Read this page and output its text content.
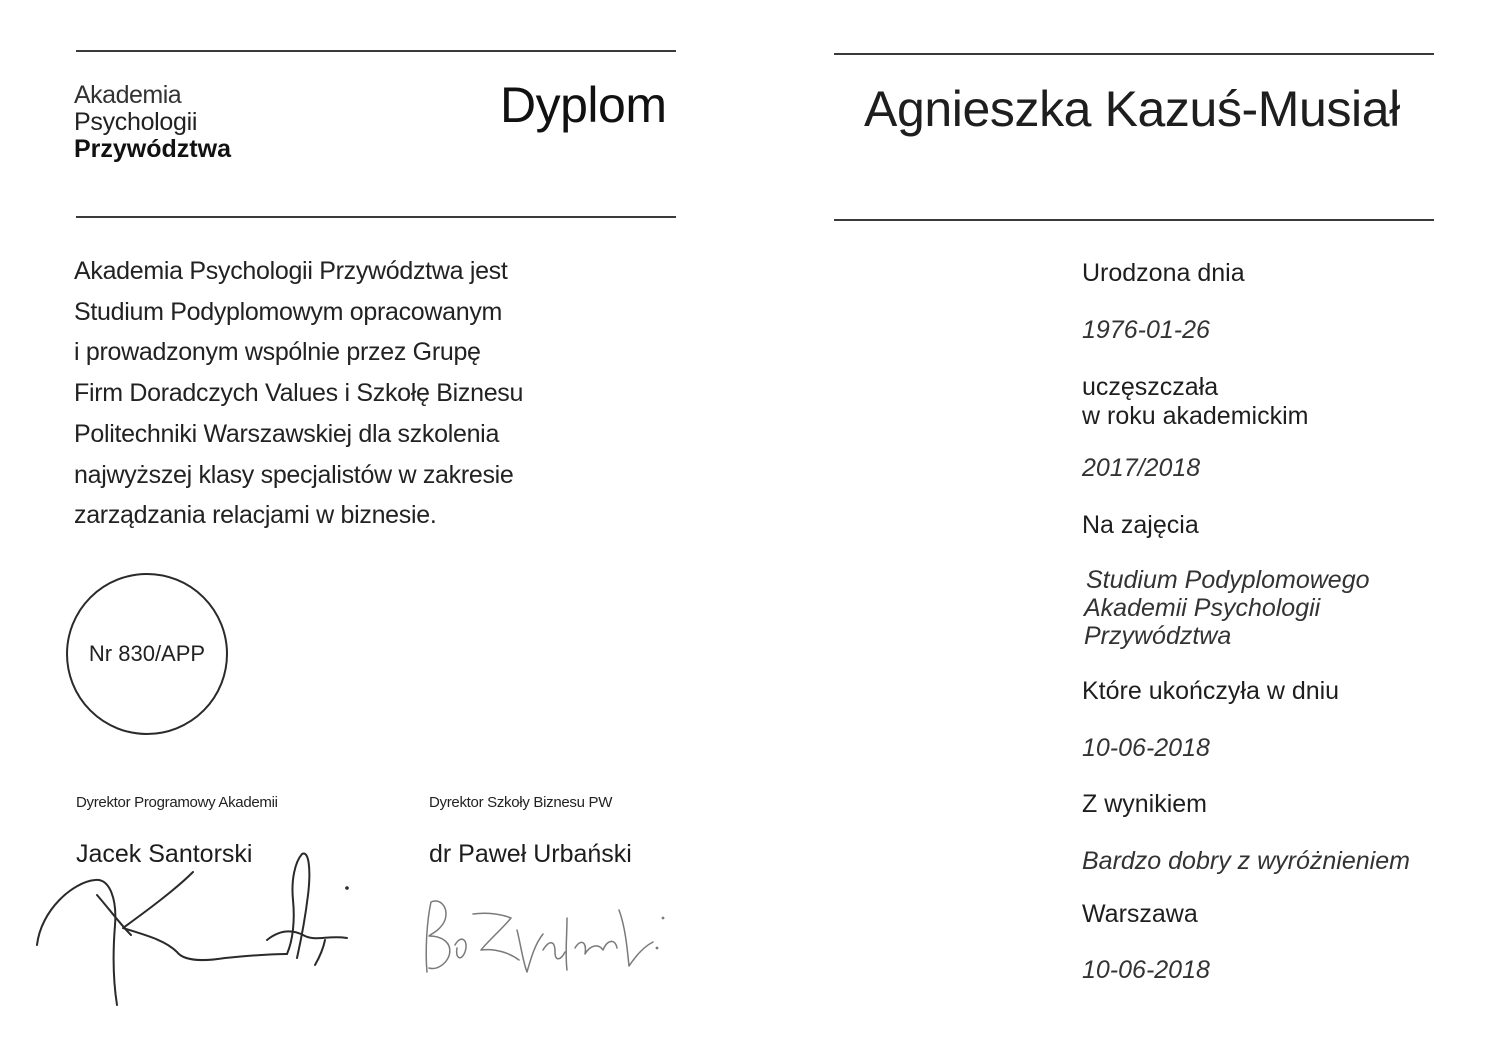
Akademia
Psychologii
Przywództwa
Dyplom
Akademia Psychologii Przywództwa jest
Studium Podyplomowym opracowanym
i prowadzonym wspólnie przez Grupę
Firm Doradczych Values i Szkołę Biznesu
Politechniki Warszawskiej dla szkolenia
najwyższej klasy specjalistów w zakresie
zarządzania relacjami w biznesie.
Nr 830/APP
Dyrektor Programowy Akademii
Jacek Santorski
Dyrektor Szkoły Biznesu PW
dr Paweł Urbański
Agnieszka Kazuś-Musiał
Urodzona dnia
1976-01-26
uczęszczała
w roku akademickim
2017/2018
Na zajęcia
Studium Podyplomowego
Akademii Psychologii
Przywództwa
Które ukończyła w dniu
10-06-2018
Z wynikiem
Bardzo dobry z wyróżnieniem
Warszawa
10-06-2018
